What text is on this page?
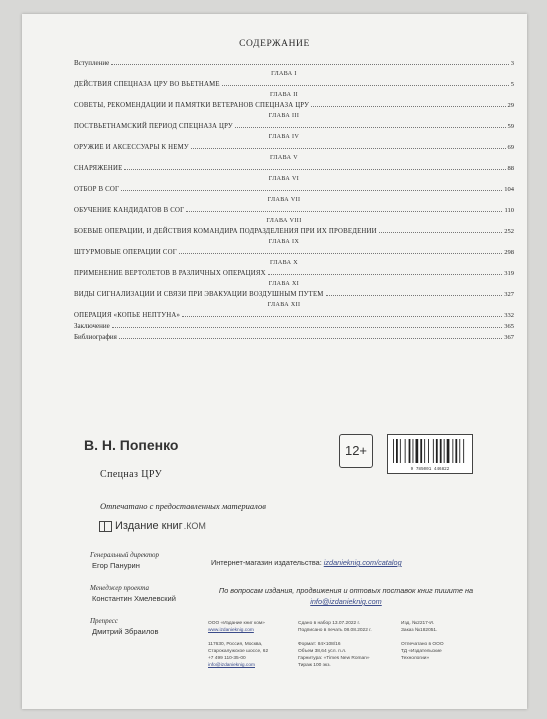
СОДЕРЖАНИЕ
Вступление	3
ГЛАВА I
ДЕЙСТВИЯ СПЕЦНАЗА ЦРУ ВО ВЬЕТНАМЕ	5
ГЛАВА II
СОВЕТЫ, РЕКОМЕНДАЦИИ И ПАМЯТКИ ВЕТЕРАНОВ СПЕЦНАЗА ЦРУ	29
ГЛАВА III
ПОСТВЬЕТНАМСКИЙ ПЕРИОД СПЕЦНАЗА ЦРУ	59
ГЛАВА IV
ОРУЖИЕ И АКСЕССУАРЫ К НЕМУ	69
ГЛАВА V
СНАРЯЖЕНИЕ	88
ГЛАВА VI
ОТБОР В СОГ	104
ГЛАВА VII
ОБУЧЕНИЕ КАНДИДАТОВ В СОГ	110
ГЛАВА VIII
БОЕВЫЕ ОПЕРАЦИИ, И ДЕЙСТВИЯ КОМАНДИРА ПОДРАЗДЕЛЕНИЯ ПРИ ИХ ПРОВЕДЕНИИ	252
ГЛАВА IX
ШТУРМОВЫЕ ОПЕРАЦИИ СОГ	298
ГЛАВА X
ПРИМЕНЕНИЕ ВЕРТОЛЕТОВ В РАЗЛИЧНЫХ ОПЕРАЦИЯХ	319
ГЛАВА XI
ВИДЫ СИГНАЛИЗАЦИИ И СВЯЗИ ПРИ ЭВАКУАЦИИ ВОЗДУШНЫМ ПУТЕМ	327
ГЛАВА XII
ОПЕРАЦИЯ «КОПЬЕ НЕПТУНА»	332
Заключение	365
Библиография	367
В. Н. Попенко
Спецназ ЦРУ
12+
9 785001 446822
Отпечатано с предоставленных материалов
Издание книг .КОМ
Генеральный директор
Егор Панурин
Менеджер проекта
Константин Хмелевский
Препресс
Дмитрий Збраилов
Интернет-магазин издательства: izdanieknig.com/catalog
По вопросам издания, продвижения и оптовых поставок книг пишите на info@izdanieknig.com
ООО «Издание книг ком»
www.izdanieknig.com
117630, Россия, Москва,
Старокалужское шоссе, 62
+7 499 110-35-00
info@izdanieknig.com
Сдано в набор 13.07.2022 г.
Подписано в печать 08.08.2022 г.
Формат: 84×108/16
Объем 38,64 усл. п.л.
Гарнитура: «Times New Roman»
Тираж 100 экз.
Изд. №2217-И.
Заказ №182051.
Отпечатано в ООО
ТД «Издательские
Технологии»
